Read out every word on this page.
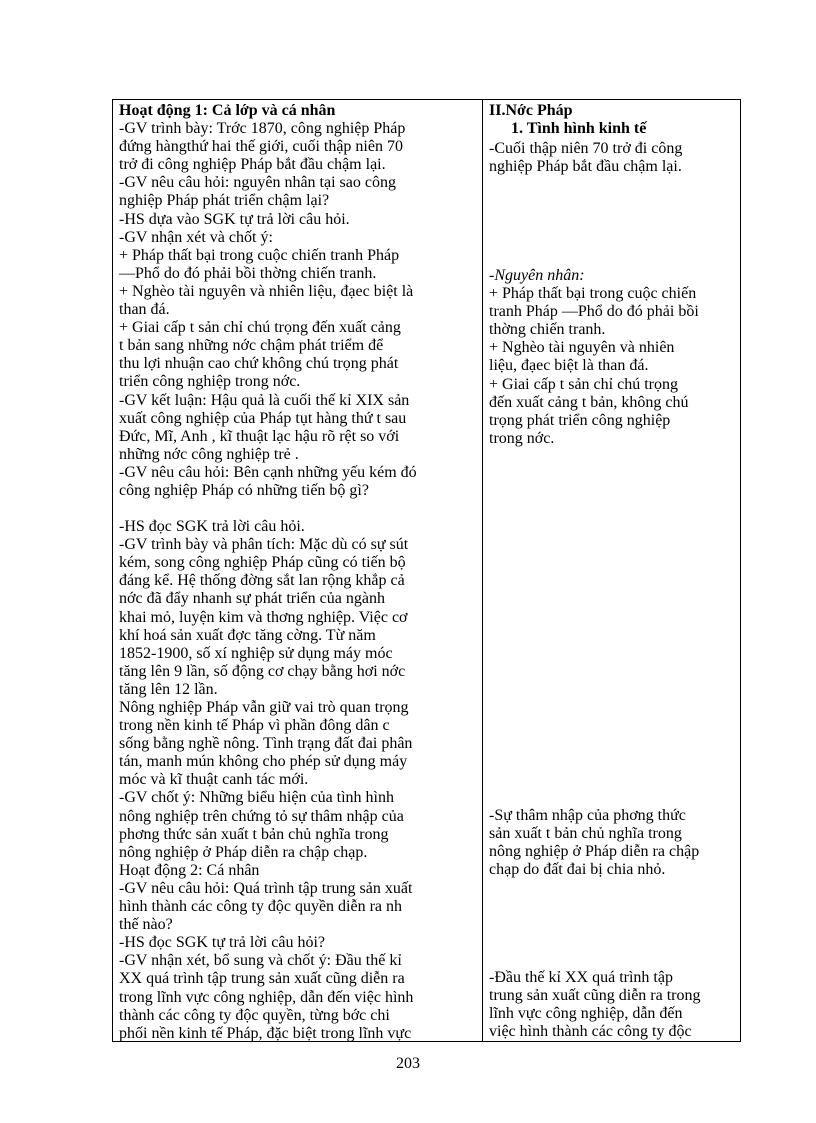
Hoạt động 1: Cả lớp và cá nhân

-GV trình bày: Trớc 1870, công nghiệp Pháp

đứng hàngthứ hai thế giới, cuối thập niên 70

trở đi công nghiệp Pháp bắt đầu chậm lại.

-GV nêu câu hỏi: nguyên nhân tại sao công

nghiệp Pháp phát triển chậm lại?

-HS dựa vào SGK tự trả lời câu hỏi.

-GV nhận xét và chốt ý:

+ Pháp thất bại trong cuộc chiến tranh Pháp

—Phổ do đó phải bồi thờng chiến tranh.

+ Nghèo tài nguyên và nhiên liệu, đạec biệt là

than đá.

+ Giai cấp t sản chỉ chú trọng đến xuất cảng

t bản sang những nớc chậm phát triểm để

thu lợi nhuận cao chứ không chú trọng phát

triển công nghiệp trong nớc.

-GV kết luận: Hậu quả là cuối thế kỉ XIX sản

xuất công nghiệp của Pháp tụt hàng thứ t sau

Đức, Mĩ, Anh , kĩ thuật lạc hậu rõ rệt so với

những nớc công nghiệp trẻ .

-GV nêu câu hỏi: Bên cạnh những yếu kém đó

công nghiệp Pháp có những tiến bộ gì?

-HS đọc SGK trả lời câu hỏi.

-GV trình bày và phân tích: Mặc dù có sự sút

kém, song công nghiệp Pháp cũng có tiến bộ

đáng kể. Hệ thống đờng sắt lan rộng khắp cả

nớc đã đẩy nhanh sự phát triển của ngành

khai mỏ, luyện kim và thơng nghiệp. Việc cơ

khí hoá sản xuất đợc tăng cờng. Từ năm

1852-1900, số xí nghiệp sử dụng máy móc

tăng lên 9 lần, số động cơ chạy bằng hơi nớc

tăng lên 12 lần.

Nông nghiệp Pháp vẫn giữ vai trò quan trọng

trong nền kinh tế Pháp vì phần đông dân c

sống bằng nghề nông. Tình trạng đất đai phân

tán, manh mún không cho phép sử dụng máy

móc và kĩ thuật canh tác mới.

-GV chốt ý: Những biểu hiện của tình hình

nông nghiệp trên chứng tỏ sự thâm nhập của

phơng thức sản xuất t bản chủ nghĩa trong

nông nghiệp ở Pháp diễn ra chập chạp.

Hoạt động 2: Cá nhân

-GV nêu câu hỏi: Quá trình tập trung sản xuất

hình thành các công ty độc quyền diễn ra nh

thế nào?

-HS đọc SGK tự trả lời câu hỏi?

-GV nhận xét, bổ sung và chốt ý: Đầu thế kỉ

XX quá trình tập trung sản xuất cũng diễn ra

trong lĩnh vực công nghiệp, dẫn đến việc hình

thành các công ty độc quyền, từng bớc chi

phối nền kinh tế Pháp, đặc biệt trong lĩnh vực

II.Nớc Pháp

1. Tình hình kinh tế

-Cuối thập niên 70 trở đi công

nghiệp Pháp bắt đầu chậm lại.

-Nguyên nhân:

+ Pháp thất bại trong cuộc chiến

tranh Pháp —Phổ do đó phải bồi

thờng chiến tranh.

+ Nghèo tài nguyên và nhiên

liệu, đạec biệt là than đá.

+ Giai cấp t sản chỉ chú trọng

đến xuất cảng t bản, không chú

trọng phát triển công nghiệp

trong nớc.

-Sự thâm nhập của phơng thức

sản xuất t bản chủ nghĩa trong

nông nghiệp ở Pháp diễn ra chập

chạp do đất đai bị chia nhỏ.

-Đầu thế kỉ XX quá trình tập

trung sản xuất cũng diễn ra trong

lĩnh vực công nghiệp, dẫn đến

việc hình thành các công ty độc

203
